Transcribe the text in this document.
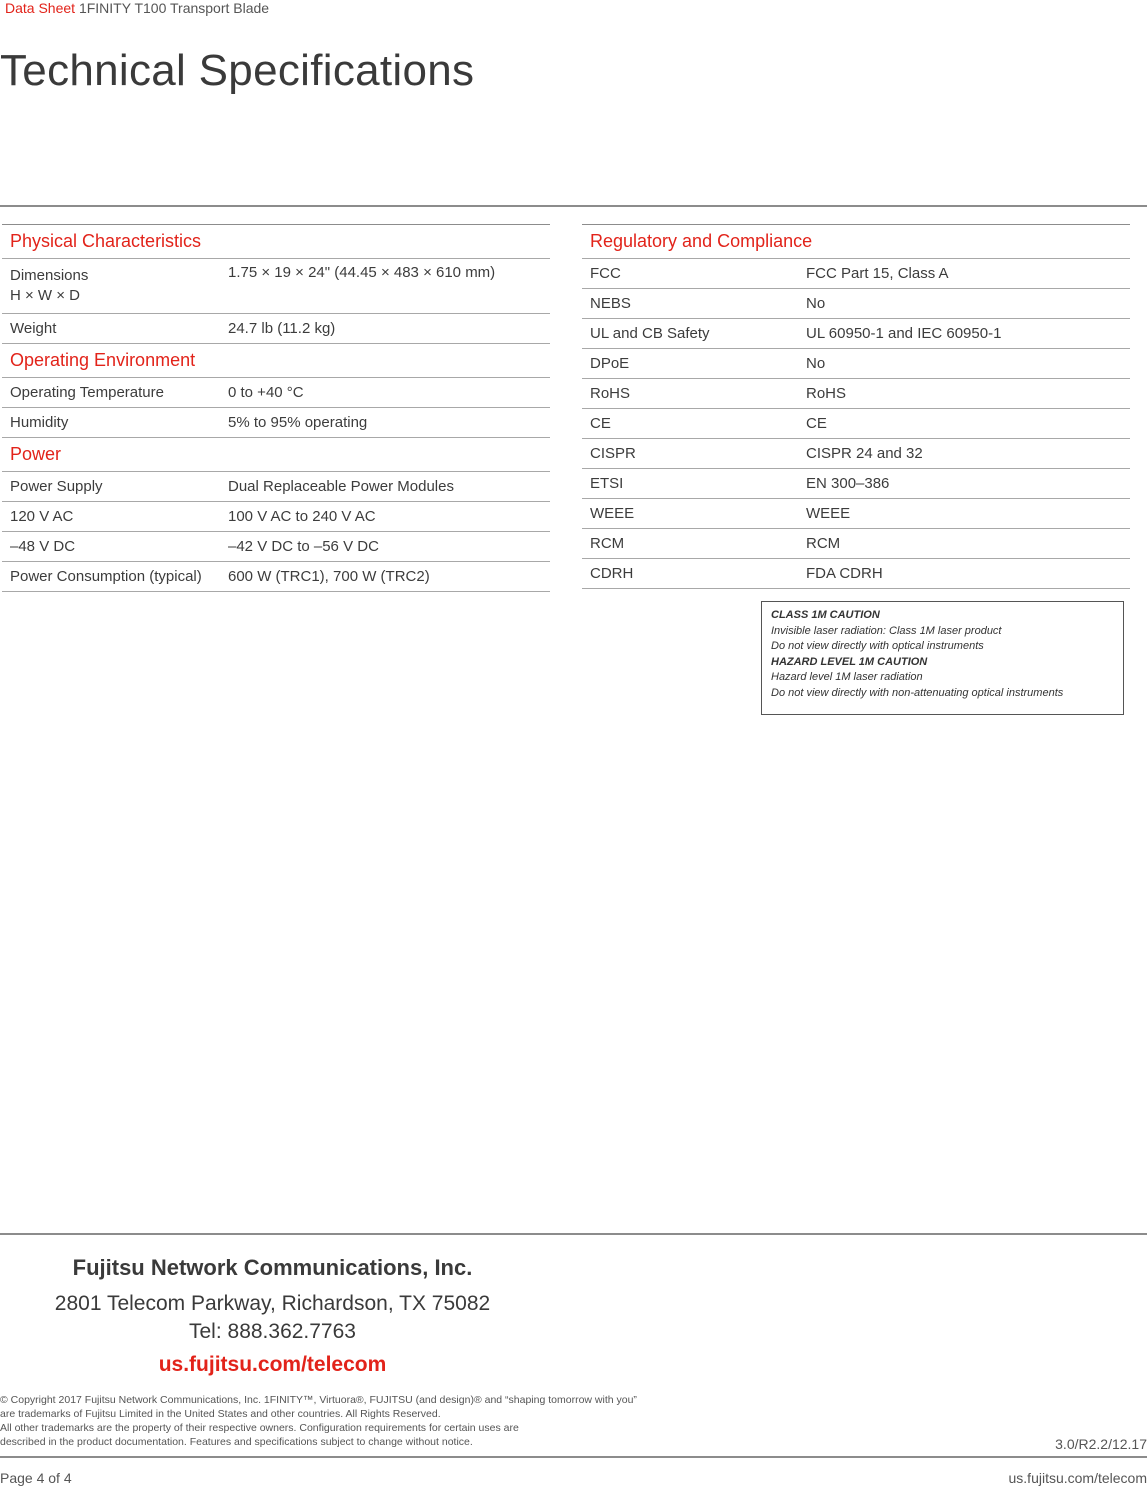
Data Sheet 1FINITY T100 Transport Blade
Technical Specifications
Physical Characteristics	
Dimensions
H × W × D	1.75 × 19 × 24" (44.45 × 483 × 610 mm)
Weight	24.7 lb (11.2 kg)
Operating Environment	
Operating Temperature	0 to +40 °C
Humidity	5% to 95% operating
Power	
Power Supply	Dual Replaceable Power Modules
120 V AC	100 V AC to 240 V AC
–48 V DC	–42 V DC to –56 V DC
Power Consumption (typical)	600 W (TRC1), 700 W (TRC2)
Regulatory and Compliance	
FCC	FCC Part 15, Class A
NEBS	No
UL and CB Safety	UL 60950-1 and IEC 60950-1
DPoE	No
RoHS	RoHS
CE	CE
CISPR	CISPR 24 and 32
ETSI	EN 300–386
WEEE	WEEE
RCM	RCM
CDRH	FDA CDRH
CLASS 1M CAUTION
Invisible laser radiation: Class 1M laser product
Do not view directly with optical instruments
HAZARD LEVEL 1M CAUTION
Hazard level 1M laser radiation
Do not view directly with non-attenuating optical instruments
Fujitsu Network Communications, Inc.
2801 Telecom Parkway, Richardson, TX 75082
Tel: 888.362.7763
us.fujitsu.com/telecom
© Copyright 2017 Fujitsu Network Communications, Inc. 1FINITY™, Virtuora®, FUJITSU (and design)® and “shaping tomorrow with you”
are trademarks of Fujitsu Limited in the United States and other countries. All Rights Reserved.
All other trademarks are the property of their respective owners. Configuration requirements for certain uses are
described in the product documentation. Features and specifications subject to change without notice.	3.0/R2.2/12.17
Page 4 of 4	us.fujitsu.com/telecom
